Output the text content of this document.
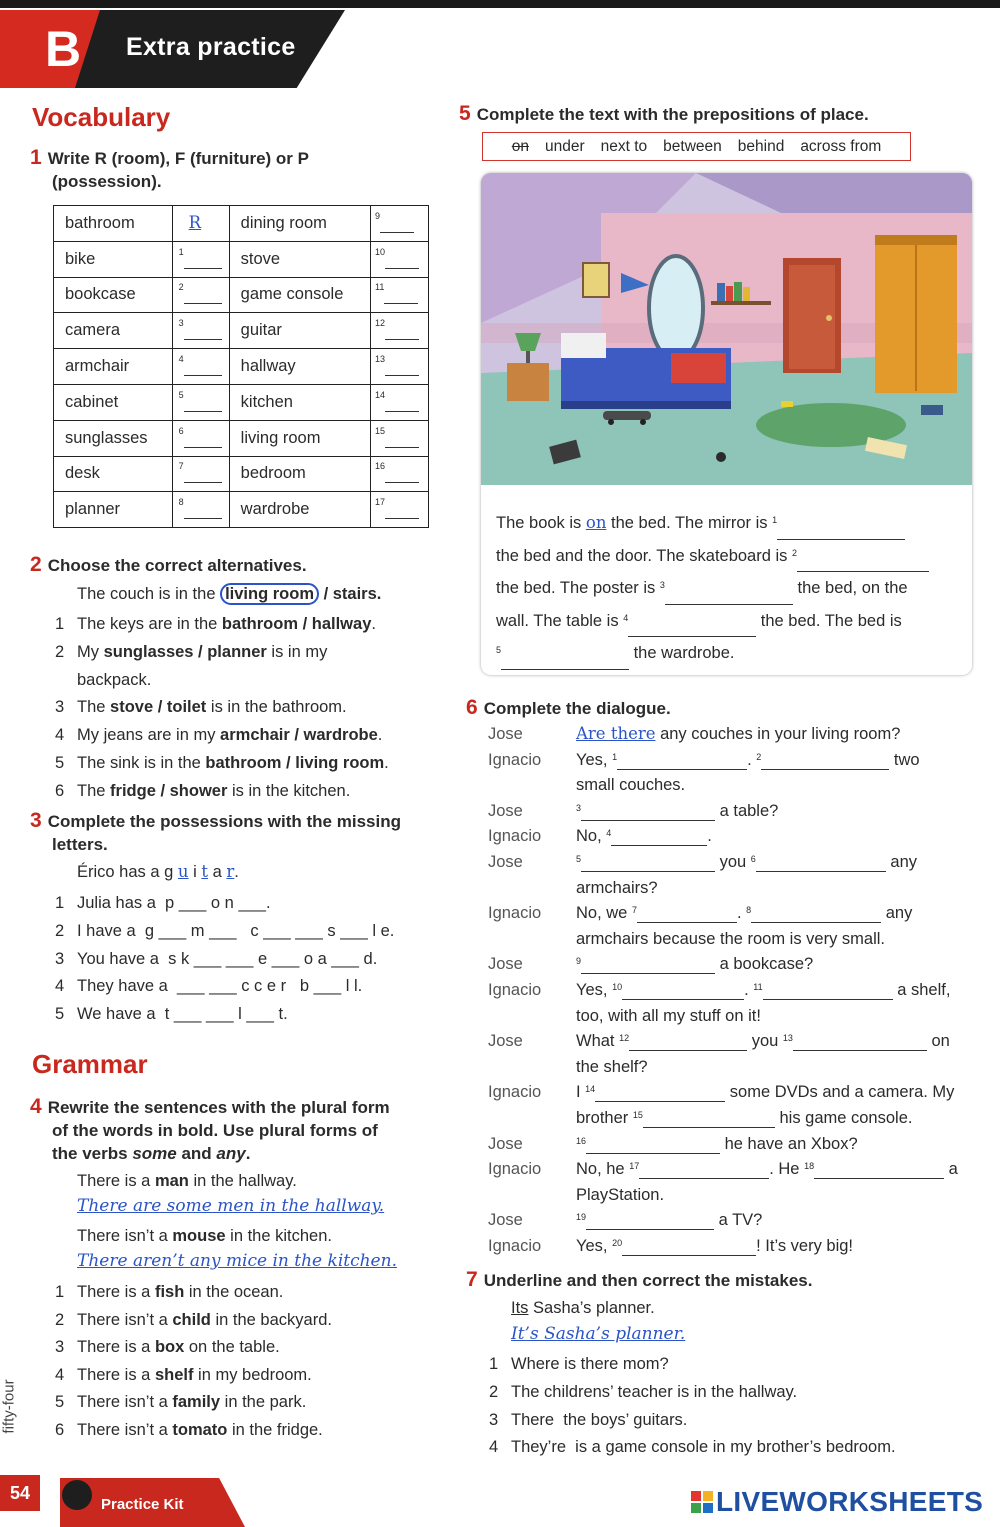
B Extra practice
Vocabulary
1 Write R (room), F (furniture) or P
(possession).
bathroom	R	dining room	$^9$
bike	$^1$	stove	$^{10}$
bookcase	$^2$	game console	$^{11}$
camera	$^3$	guitar	$^{12}$
armchair	$^4$	hallway	$^{13}$
cabinet	$^5$	kitchen	$^{14}$
sunglasses	$^6$	living room	$^{15}$
desk	$^7$	bedroom	$^{16}$
planner	$^8$	wardrobe	$^{17}$
2 Choose the correct alternatives.
The couch is in the living room / stairs.
1 The keys are in the bathroom / hallway.
2 My sunglasses / planner is in my
backpack.
3 The stove / toilet is in the bathroom.
4 My jeans are in my armchair / wardrobe.
5 The sink is in the bathroom / living room.
6 The fridge / shower is in the kitchen.
3 Complete the possessions with the missing
letters.
Érico has a g u i t a r.
1 Julia has a  p ___ o n ___.
2 I have a  g ___ m ___   c ___ ___ s ___ l e.
3 You have a  s k ___ ___ e ___ o a ___ d.
4 They have a  ___ ___ c c e r   b ___ l l.
5 We have a  t ___ ___ l ___ t.
Grammar
4 Rewrite the sentences with the plural form
of the words in bold. Use plural forms of
the verbs some and any.
There is a man in the hallway.
There are some men in the hallway.
There isn’t a mouse in the kitchen.
There aren’t any mice in the kitchen.
1 There is a fish in the ocean.
2 There isn’t a child in the backyard.
3 There is a box on the table.
4 There is a shelf in my bedroom.
5 There isn’t a family in the park.
6 There isn’t a tomato in the fridge.
5 Complete the text with the prepositions of place.
on under next to between behind across from
The book is on the bed. The mirror is $^1$
the bed and the door. The skateboard is $^2$
the bed. The poster is $^3$	the bed, on the
wall. The table is $^4$	the bed. The bed is
$^5$	the wardrobe.
6 Complete the dialogue.
Jose	Are there any couches in your living room?
Ignacio Yes, $^1$	. $^2$	two
small couches.
Jose	$^3$	a table?
Ignacio No, $^4$	.
Jose	$^5$	you $^6$	any
armchairs?
Ignacio No, we $^7$	. $^8$	any
armchairs because the room is very small.
Jose	$^9$	a bookcase?
Ignacio Yes, $^{10}$	. $^{11}$	a shelf,
too, with all my stuff on it!
Jose	What $^{12}$	you $^{13}$	on
the shelf?
Ignacio I $^{14}$	some DVDs and a camera. My
brother $^{15}$	his game console.
Jose	$^{16}$	he have an Xbox?
Ignacio No, he $^{17}$	. He $^{18}$	a
PlayStation.
Jose	$^{19}$	a TV?
Ignacio Yes, $^{20}$	! It’s very big!
7 Underline and then correct the mistakes.
Its Sasha’s planner.
It’s Sasha’s planner.
1 Where is there mom?
2 The childrens’ teacher is in the hallway.
3 There  the boys’ guitars.
4 They’re  is a game console in my brother’s bedroom.
fifty-four
54
Practice Kit	LIVEWORKSHEETS
